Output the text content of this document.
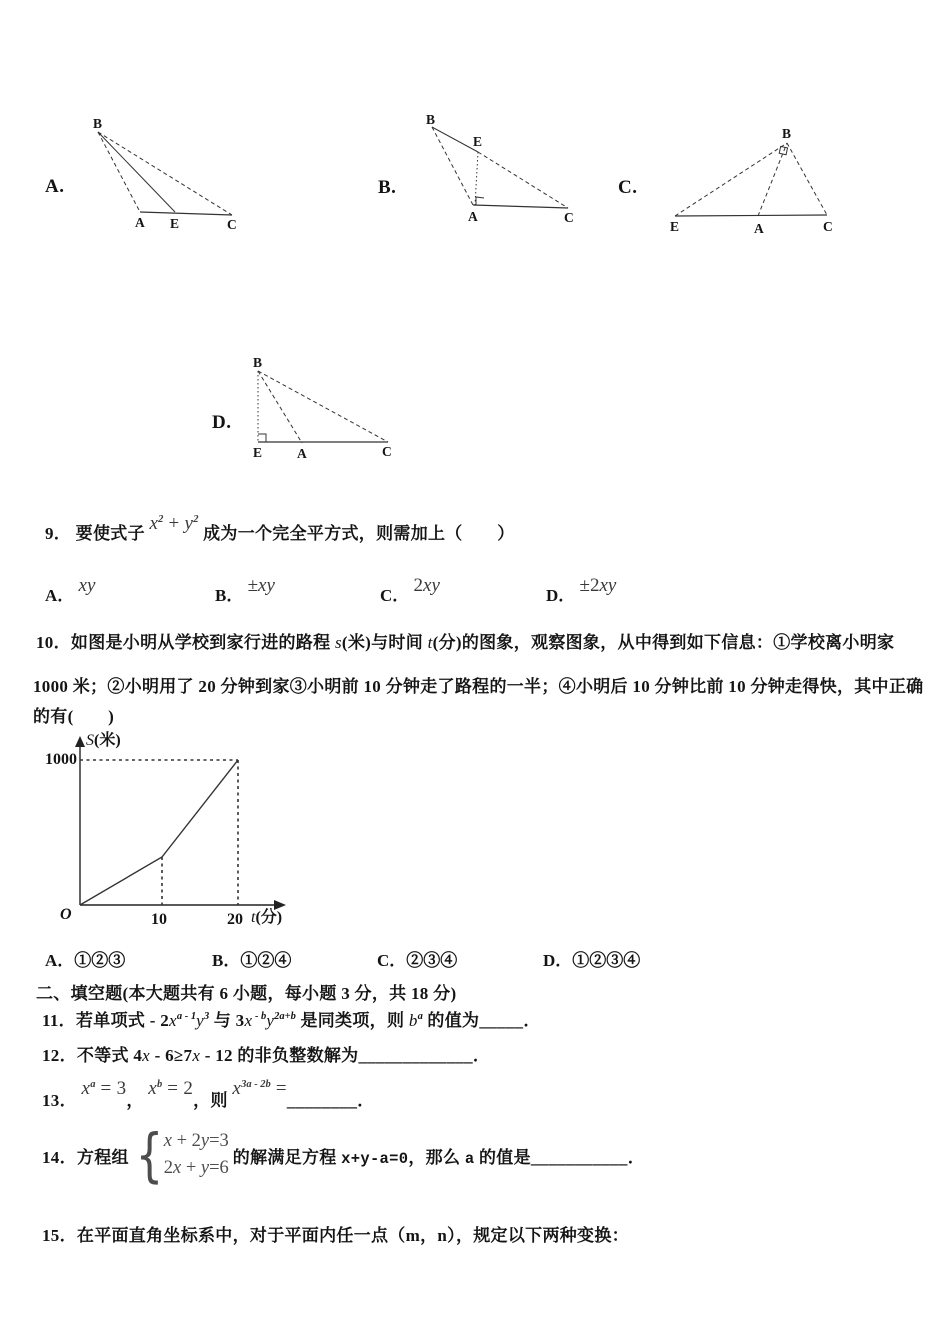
A.
B
A E	C
B.
B
E
A	C
C.
B
E	A	C
D.
B
E	A	C
9． 要使式子 $x^2 + y^2$ 成为一个完全平方式，则需加上（　　）
A． xy	B． ±xy	C． 2xy	D． ±2xy
10．如图是小明从学校到家行进的路程 s(米)与时间 t(分)的图象，观察图象，从中得到如下信息：①学校离小明家
1000 米；②小明用了 20 分钟到家③小明前 10 分钟走了路程的一半；④小明后 10 分钟比前 10 分钟走得快，其中正确
的有(　　)
S(米)
1000
O	10	20 t(分)
A．①②③	B．①②④	C．②③④	D．①②③④
二、填空题(本大题共有 6 小题，每小题 3 分，共 18 分)
11．若单项式 - $2x^{a - 1}y^3$ 与 3x $^{- b}y^{2a+b}$ 是同类项，则 $b^a$ 的值为_____．
12．不等式 4x - 6≥7x - 12 的非负整数解为_____________．
13． $x^a = 3$， $x^b = 2$，则 $x^{3a - 2b}$ =________．
14． 方程组 { x + 2y=3
2x + y=6
的解满足方程 x+y-a=0，那么 a 的值是___________．
15．在平面直角坐标系中，对于平面内任一点（m，n），规定以下两种变换：
